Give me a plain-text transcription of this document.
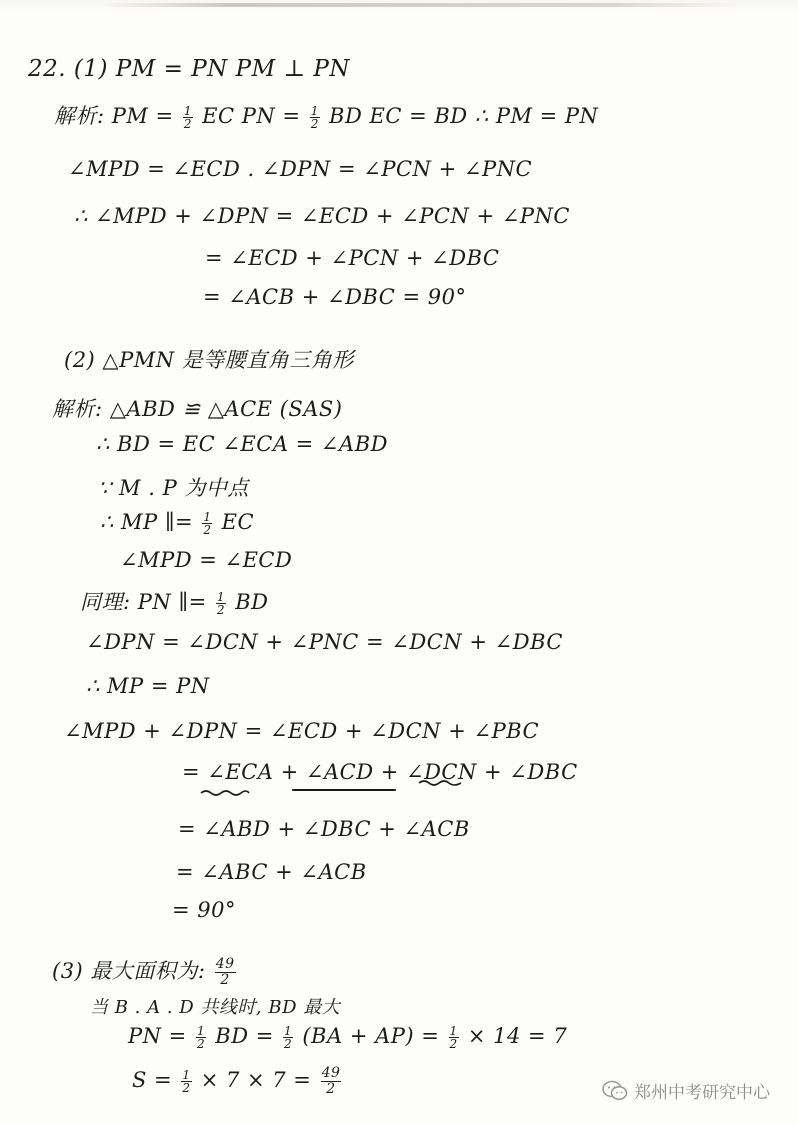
22. (1) PM = PN PM ⊥ PN
解析: PM = $\frac{1}{2}$ EC PN = $\frac{1}{2}$ BD EC = BD ∴ PM = PN
∠MPD = ∠ECD . ∠DPN = ∠PCN + ∠PNC
∴ ∠MPD + ∠DPN = ∠ECD + ∠PCN + ∠PNC
= ∠ECD + ∠PCN + ∠DBC
= ∠ACB + ∠DBC = 90°
(2) △PMN 是等腰直角三角形
解析: △ABD ≌ △ACE (SAS)
∴ BD = EC ∠ECA = ∠ABD
∵ M . P 为中点
∴ MP ∥= $\frac{1}{2}$ EC
∠MPD = ∠ECD
同理: PN ∥= $\frac{1}{2}$ BD
∠DPN = ∠DCN + ∠PNC = ∠DCN + ∠DBC
∴ MP = PN
∠MPD + ∠DPN = ∠ECD + ∠DCN + ∠PBC
= ∠ECA + ∠ACD + ∠DCN + ∠DBC
= ∠ABD + ∠DBC + ∠ACB
= ∠ABC + ∠ACB
= 90°
(3) 最大面积为: $\frac{49}{2}$
当 B . A . D 共线时, BD 最大
PN = $\frac{1}{2}$ BD = $\frac{1}{2} (BA + AP) = \frac{1}{2} \times 14 = 7$
$S = \frac{1}{2} \times 7 \times 7 = \frac{49}{2}$	郑州中考研究中心
